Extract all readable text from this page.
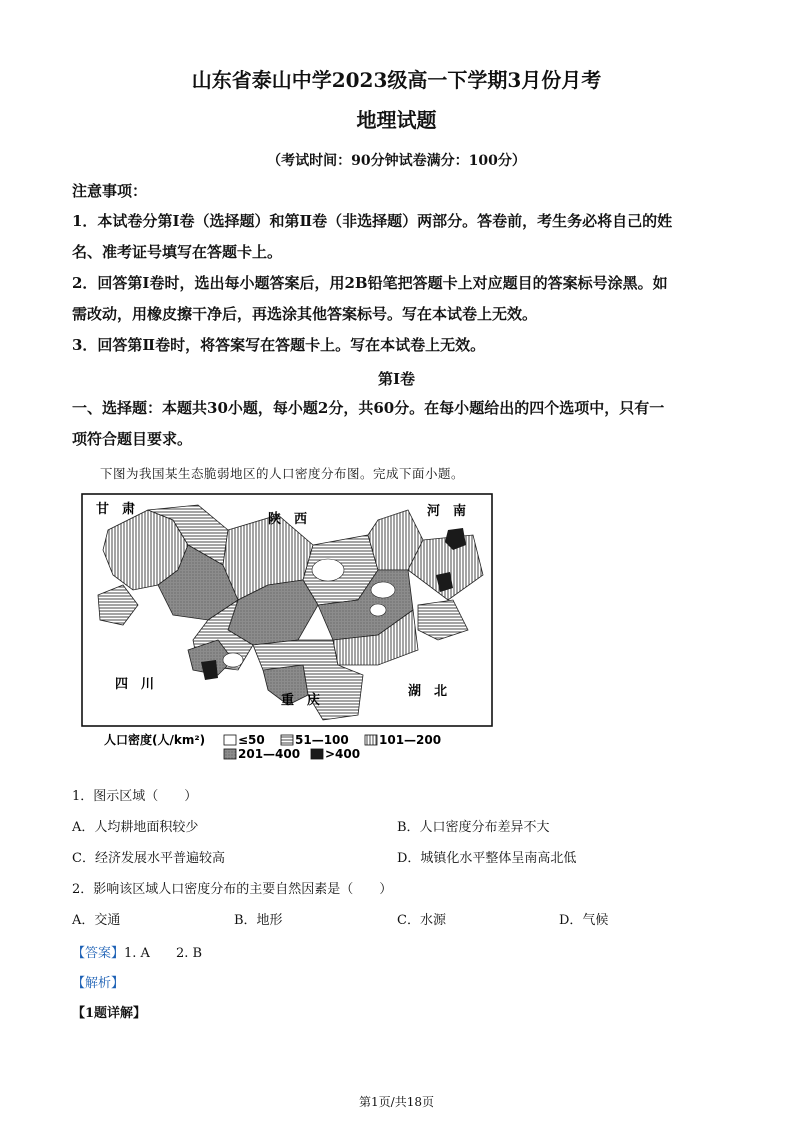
山东省泰山中学2023级高一下学期3月份月考
地理试题
（考试时间：90分钟试卷满分：100分）
注意事项：
1．本试卷分第Ⅰ卷（选择题）和第Ⅱ卷（非选择题）两部分。答卷前，考生务必将自己的姓
名、准考证号填写在答题卡上。
2．回答第Ⅰ卷时，选出每小题答案后，用2B铅笔把答题卡上对应题目的答案标号涂黑。如
需改动，用橡皮擦干净后，再选涂其他答案标号。写在本试卷上无效。
3．回答第Ⅱ卷时，将答案写在答题卡上。写在本试卷上无效。
第Ⅰ卷
一、选择题：本题共30小题，每小题2分，共60分。在每小题给出的四个选项中，只有一
项符合题目要求。
下图为我国某生态脆弱地区的人口密度分布图。完成下面小题。
甘　肃
陕　西
河　南
四　川
重　庆
湖　北
人口密度(人/km²)	≤50	51—100	101—200
201—400 >400
1．图示区域（　　）
A．人均耕地面积较少	B．人口密度分布差异不大
C．经济发展水平普遍较高	D．城镇化水平整体呈南高北低
2．影响该区域人口密度分布的主要自然因素是（　　）
A．交通	B．地形	C．水源	D．气候
【答案】1. A　　2. B
【解析】
【1题详解】
第1页/共18页
